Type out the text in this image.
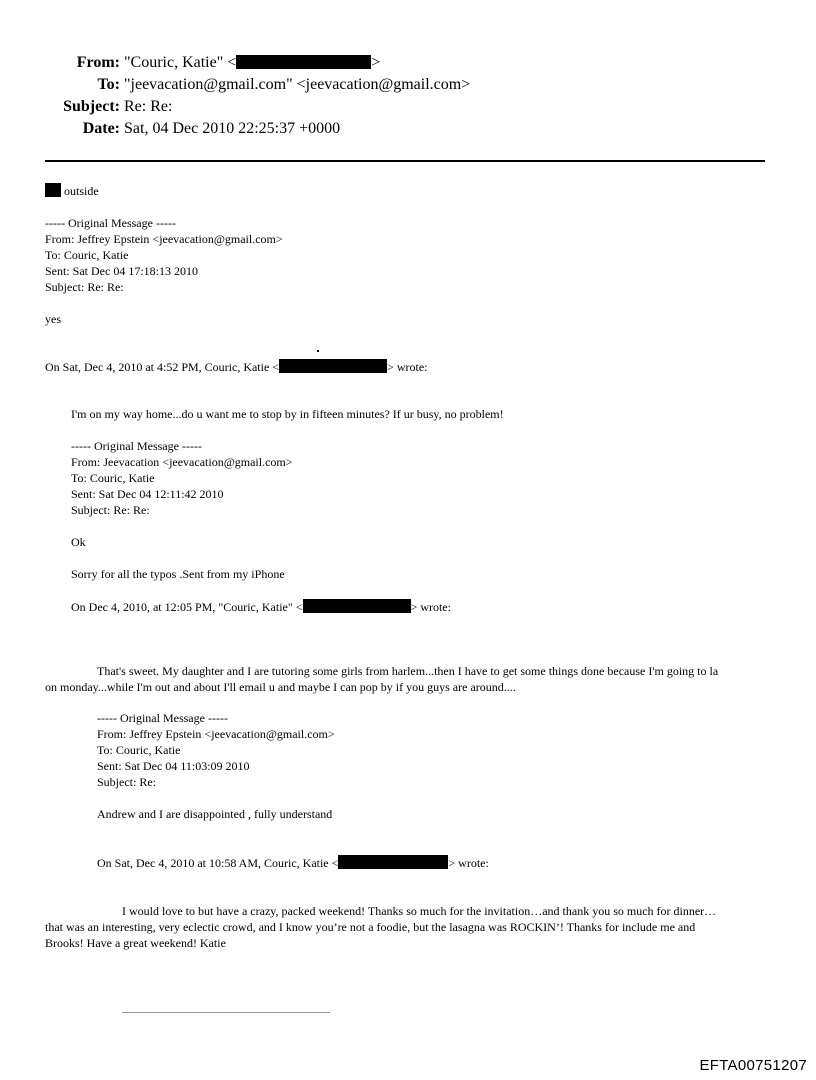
From: "Couric, Katie" <	>
To: "jeevacation@gmail.com" <jeevacation@gmail.com>
Subject: Re: Re:
Date: Sat, 04 Dec 2010 22:25:37 +0000
outside
----- Original Message -----
From: Jeffrey Epstein <jeevacation@gmail.com>
To: Couric, Katie
Sent: Sat Dec 04 17:18:13 2010
Subject: Re: Re:
yes
On Sat, Dec 4, 2010 at 4:52 PM, Couric, Katie <	> wrote:
I'm on my way home...do u want me to stop by in fifteen minutes? If ur busy, no problem!
----- Original Message -----
From: Jeevacation <jeevacation@gmail.com>
To: Couric, Katie
Sent: Sat Dec 04 12:11:42 2010
Subject: Re: Re:
Ok
Sorry for all the typos .Sent from my iPhone
On Dec 4, 2010, at 12:05 PM, "Couric, Katie" <	> wrote:
That's sweet. My daughter and I are tutoring some girls from harlem...then I have to get some things done because I'm going to la
on monday...while I'm out and about I'll email u and maybe I can pop by if you guys are around....
----- Original Message -----
From: Jeffrey Epstein <jeevacation@gmail.com>
To: Couric, Katie
Sent: Sat Dec 04 11:03:09 2010
Subject: Re:
Andrew and I are disappointed , fully understand
On Sat, Dec 4, 2010 at 10:58 AM, Couric, Katie <	> wrote:
I would love to but have a crazy, packed weekend! Thanks so much for the invitation…and thank you so much for dinner…
that was an interesting, very eclectic crowd, and I know you’re not a foodie, but the lasagna was ROCKIN’! Thanks for include me and
Brooks! Have a great weekend! Katie
EFTA00751207
